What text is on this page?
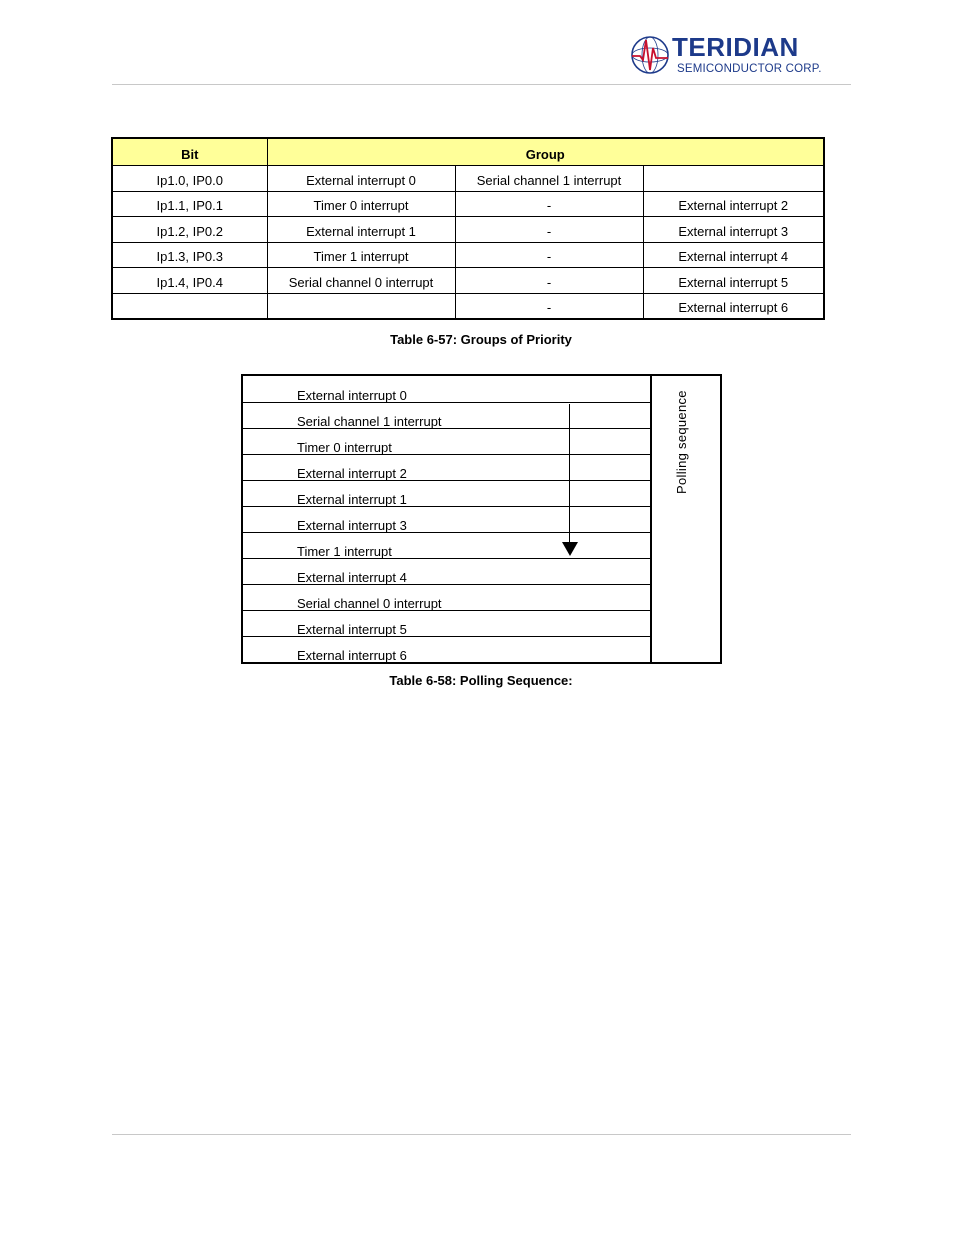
TERIDIAN
SEMICONDUCTOR CORP.
Bit	Group		
Ip1.0, IP0.0	External interrupt 0	Serial channel 1 interrupt	
Ip1.1, IP0.1	Timer 0 interrupt	-	External interrupt 2
Ip1.2, IP0.2	External interrupt 1	-	External interrupt 3
Ip1.3, IP0.3	Timer 1 interrupt	-	External interrupt 4
Ip1.4, IP0.4	Serial channel 0 interrupt	-	External interrupt 5
		-	External interrupt 6
Table 6-57: Groups of Priority
External interrupt 0
Serial channel 1 interrupt
Timer 0 interrupt
External interrupt 2
External interrupt 1
External interrupt 3
Timer 1 interrupt
External interrupt 4
Serial channel 0 interrupt
External interrupt 5
External interrupt 6
Polling sequence
Table 6-58: Polling Sequence:
